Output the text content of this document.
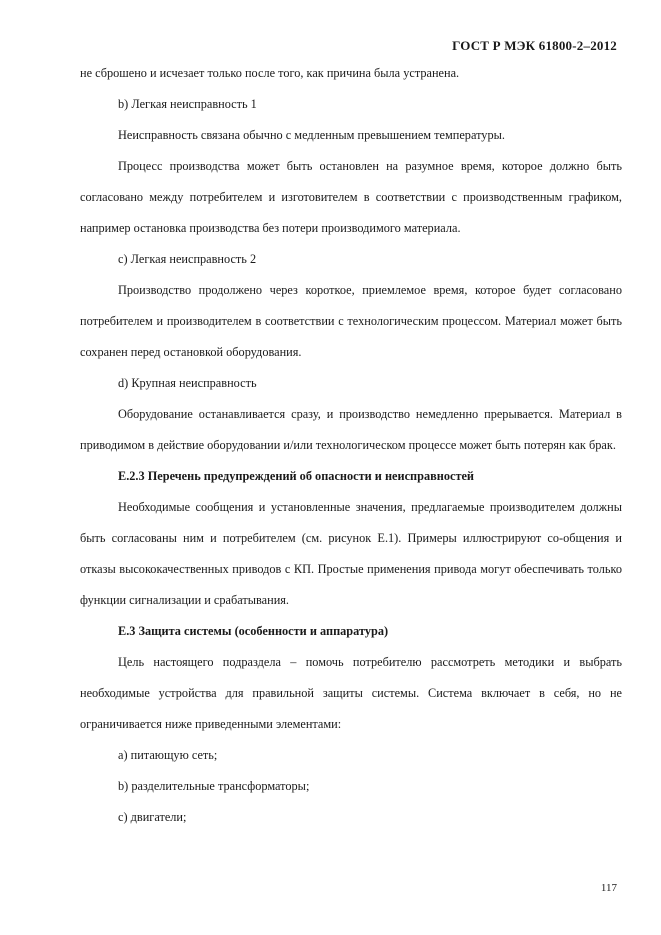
ГОСТ Р МЭК 61800-2–2012

не сброшено и исчезает только после того, как причина была устранена.

b) Легкая неисправность 1

Неисправность связана обычно с медленным превышением температуры.

Процесс производства может быть остановлен на разумное время, которое должно быть согласовано между потребителем и изготовителем в соответствии с производственным графиком, например остановка производства без потери производимого материала.

c) Легкая неисправность 2

Производство продолжено через короткое, приемлемое время, которое будет согласовано потребителем и производителем в соответствии с технологическим процессом. Материал может быть сохранен перед остановкой оборудования.

d) Крупная неисправность

Оборудование останавливается сразу, и производство немедленно прерывается. Материал в приводимом в действие оборудовании и/или технологическом процессе может быть потерян как брак.

Е.2.3 Перечень предупреждений об опасности и неисправностей

Необходимые сообщения и установленные значения, предлагаемые производителем должны быть согласованы ним и потребителем (см. рисунок Е.1). Примеры иллюстрируют со-общения и отказы высококачественных приводов с КП. Простые применения привода могут обеспечивать только функции сигнализации и срабатывания.

Е.3 Защита системы (особенности и аппаратура)

Цель настоящего подраздела – помочь потребителю рассмотреть методики и выбрать необходимые устройства для правильной защиты системы. Система включает в себя, но не ограничивается ниже приведенными элементами:

а) питающую сеть;

b) разделительные трансформаторы;

c) двигатели;

117
